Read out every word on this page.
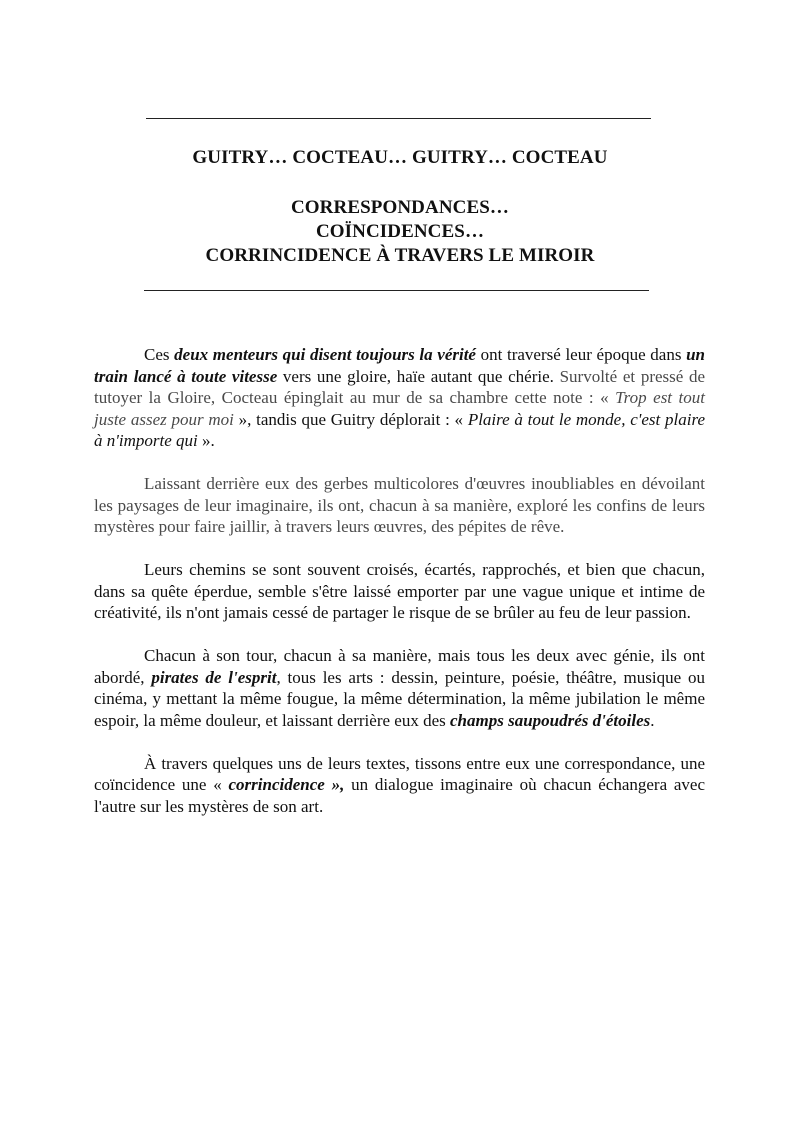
GUITRY… COCTEAU… GUITRY… COCTEAU
CORRESPONDANCES…
COÏNCIDENCES…
CORRINCIDENCE À TRAVERS LE MIROIR

Ces deux menteurs qui disent toujours la vérité ont traversé leur époque dans un train lancé à toute vitesse vers une gloire, haïe autant que chérie. Survolté et pressé de tutoyer la Gloire, Cocteau épinglait au mur de sa chambre cette note : « Trop est tout juste assez pour moi », tandis que Guitry déplorait : « Plaire à tout le monde, c'est plaire à n'importe qui ».

Laissant derrière eux des gerbes multicolores d'œuvres inoubliables en dévoilant les paysages de leur imaginaire, ils ont, chacun à sa manière, exploré les confins de leurs mystères pour faire jaillir, à travers leurs œuvres, des pépites de rêve.

Leurs chemins se sont souvent croisés, écartés, rapprochés, et bien que chacun, dans sa quête éperdue, semble s'être laissé emporter par une vague unique et intime de créativité, ils n'ont jamais cessé de partager le risque de se brûler au feu de leur passion.

Chacun à son tour, chacun à sa manière, mais tous les deux avec génie, ils ont abordé, pirates de l'esprit, tous les arts : dessin, peinture, poésie, théâtre, musique ou cinéma, y mettant la même fougue, la même détermination, la même jubilation le même espoir, la même douleur, et laissant derrière eux des champs saupoudrés d'étoiles.

À travers quelques uns de leurs textes, tissons entre eux une correspondance, une coïncidence une « corrincidence », un dialogue imaginaire où chacun échangera avec l'autre sur les mystères de son art.
